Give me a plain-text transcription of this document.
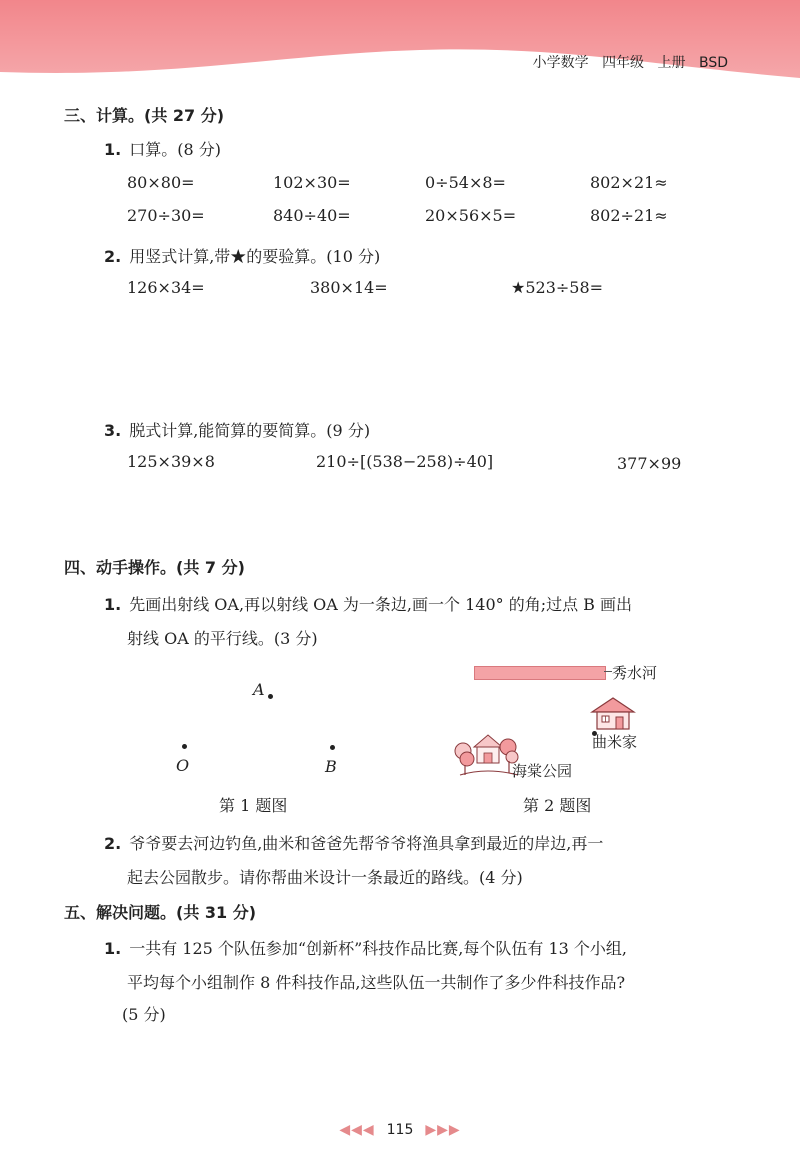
小学数学 四年级 上册 BSD
三、计算。(共 27 分)
1. 口算。(8 分)
80×80=	102×30=	0÷54×8=	802×21≈
270÷30=	840÷40=	20×56×5=	802÷21≈
2. 用竖式计算,带★的要验算。(10 分)
126×34=	380×14=	★523÷58=
3. 脱式计算,能简算的要简算。(9 分)
125×39×8	210÷[(538−258)÷40]	377×99
四、动手操作。(共 7 分)
1. 先画出射线 OA,再以射线 OA 为一条边,画一个 140° 的角;过点 B 画出
射线 OA 的平行线。(3 分)
A
O	B
第 1 题图
秀水河
曲米家
海棠公园
第 2 题图
2. 爷爷要去河边钓鱼,曲米和爸爸先帮爷爷将渔具拿到最近的岸边,再一
起去公园散步。请你帮曲米设计一条最近的路线。(4 分)
五、解决问题。(共 31 分)
1. 一共有 125 个队伍参加“创新杯”科技作品比赛,每个队伍有 13 个小组,
平均每个小组制作 8 件科技作品,这些队伍一共制作了多少件科技作品?
(5 分)
◀◀◀ 115 ▶▶▶
